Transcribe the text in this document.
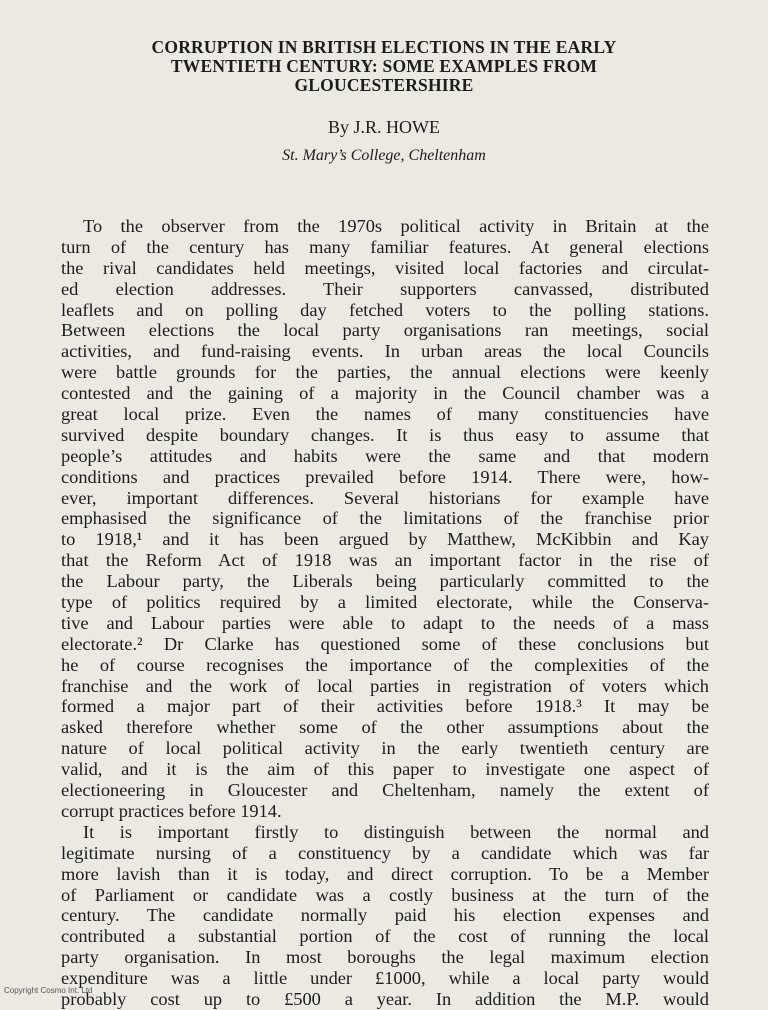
CORRUPTION IN BRITISH ELECTIONS IN THE EARLY
TWENTIETH CENTURY: SOME EXAMPLES FROM
GLOUCESTERSHIRE
By J.R. HOWE
St. Mary’s College, Cheltenham
To the observer from the 1970s political activity in Britain at the
turn of the century has many familiar features. At general elections
the rival candidates held meetings, visited local factories and circulat-
ed election addresses. Their supporters canvassed, distributed
leaflets and on polling day fetched voters to the polling stations.
Between elections the local party organisations ran meetings, social
activities, and fund-raising events. In urban areas the local Councils
were battle grounds for the parties, the annual elections were keenly
contested and the gaining of a majority in the Council chamber was a
great local prize. Even the names of many constituencies have
survived despite boundary changes. It is thus easy to assume that
people’s attitudes and habits were the same and that modern
conditions and practices prevailed before 1914. There were, how-
ever, important differences. Several historians for example have
emphasised the significance of the limitations of the franchise prior
to 1918,¹ and it has been argued by Matthew, McKibbin and Kay
that the Reform Act of 1918 was an important factor in the rise of
the Labour party, the Liberals being particularly committed to the
type of politics required by a limited electorate, while the Conserva-
tive and Labour parties were able to adapt to the needs of a mass
electorate.² Dr Clarke has questioned some of these conclusions but
he of course recognises the importance of the complexities of the
franchise and the work of local parties in registration of voters which
formed a major part of their activities before 1918.³ It may be
asked therefore whether some of the other assumptions about the
nature of local political activity in the early twentieth century are
valid, and it is the aim of this paper to investigate one aspect of
electioneering in Gloucester and Cheltenham, namely the extent of
corrupt practices before 1914.
It is important firstly to distinguish between the normal and
legitimate nursing of a constituency by a candidate which was far
more lavish than it is today, and direct corruption. To be a Member
of Parliament or candidate was a costly business at the turn of the
century. The candidate normally paid his election expenses and
contributed a substantial portion of the cost of running the local
party organisation. In most boroughs the legal maximum election
expenditure was a little under £1000, while a local party would
probably cost up to £500 a year. In addition the M.P. would
Copyright Cosmo Int. Ltd
